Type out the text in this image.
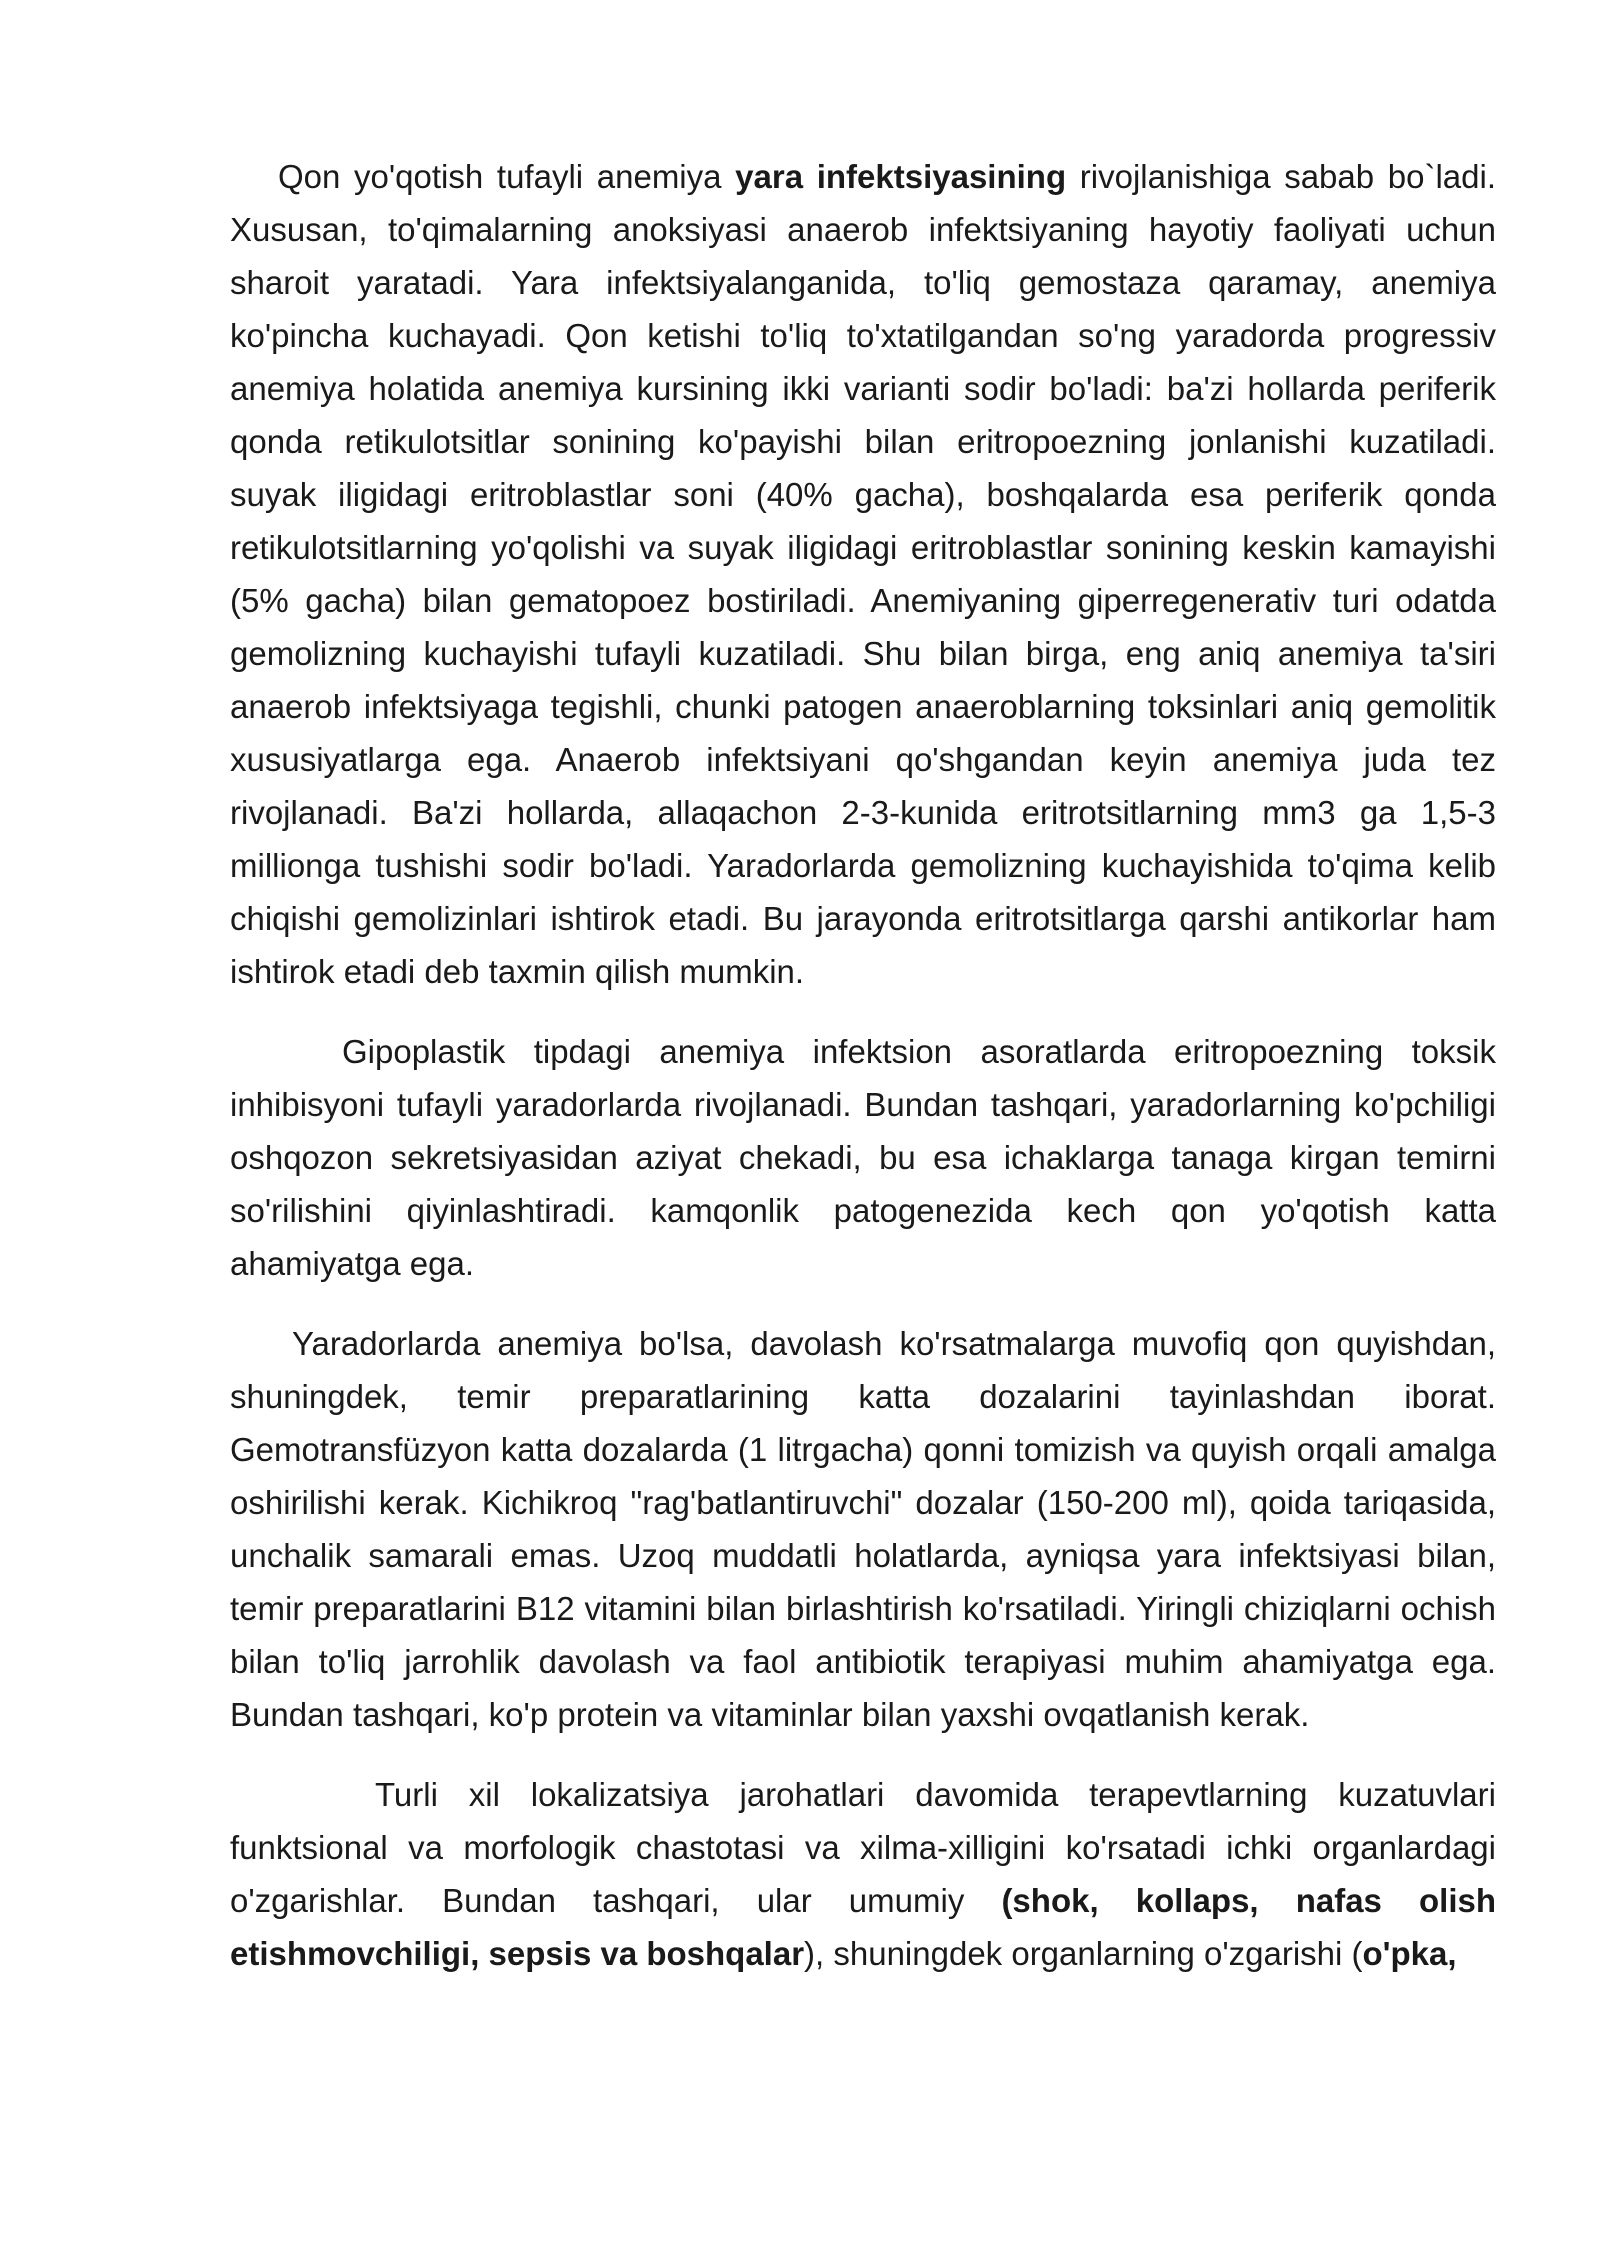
Qon yo'qotish tufayli anemiya yara infektsiyasining rivojlanishiga sabab bo`ladi. Xususan, to'qimalarning anoksiyasi anaerob infektsiyaning hayotiy faoliyati uchun sharoit yaratadi. Yara infektsiyalanganida, to'liq gemostaza qaramay, anemiya ko'pincha kuchayadi. Qon ketishi to'liq to'xtatilgandan so'ng yaradorda progressiv anemiya holatida anemiya kursining ikki varianti sodir bo'ladi: ba'zi hollarda periferik qonda retikulotsitlar sonining ko'payishi bilan eritropoezning jonlanishi kuzatiladi. suyak iligidagi eritroblastlar soni (40% gacha), boshqalarda esa periferik qonda retikulotsitlarning yo'qolishi va suyak iligidagi eritroblastlar sonining keskin kamayishi (5% gacha) bilan gematopoez bostiriladi. Anemiyaning giperregenerativ turi odatda gemolizning kuchayishi tufayli kuzatiladi. Shu bilan birga, eng aniq anemiya ta'siri anaerob infektsiyaga tegishli, chunki patogen anaeroblarning toksinlari aniq gemolitik xususiyatlarga ega. Anaerob infektsiyani qo'shgandan keyin anemiya juda tez rivojlanadi. Ba'zi hollarda, allaqachon 2-3-kunida eritrotsitlarning mm3 ga 1,5-3 millionga tushishi sodir bo'ladi. Yaradorlarda gemolizning kuchayishida to'qima kelib chiqishi gemolizinlari ishtirok etadi. Bu jarayonda eritrotsitlarga qarshi antikorlar ham ishtirok etadi deb taxmin qilish mumkin.

Gipoplastik tipdagi anemiya infektsion asoratlarda eritropoezning toksik inhibisyoni tufayli yaradorlarda rivojlanadi. Bundan tashqari, yaradorlarning ko'pchiligi oshqozon sekretsiyasidan aziyat chekadi, bu esa ichaklarga tanaga kirgan temirni so'rilishini qiyinlashtiradi. kamqonlik patogenezida kech qon yo'qotish katta ahamiyatga ega.

Yaradorlarda anemiya bo'lsa, davolash ko'rsatmalarga muvofiq qon quyishdan, shuningdek, temir preparatlarining katta dozalarini tayinlashdan iborat. Gemotransfüzyon katta dozalarda (1 litrgacha) qonni tomizish va quyish orqali amalga oshirilishi kerak. Kichikroq "rag'batlantiruvchi" dozalar (150-200 ml), qoida tariqasida, unchalik samarali emas. Uzoq muddatli holatlarda, ayniqsa yara infektsiyasi bilan, temir preparatlarini B12 vitamini bilan birlashtirish ko'rsatiladi. Yiringli chiziqlarni ochish bilan to'liq jarrohlik davolash va faol antibiotik terapiyasi muhim ahamiyatga ega. Bundan tashqari, ko'p protein va vitaminlar bilan yaxshi ovqatlanish kerak.

Turli xil lokalizatsiya jarohatlari davomida terapevtlarning kuzatuvlari funktsional va morfologik chastotasi va xilma-xilligini ko'rsatadi ichki organlardagi o'zgarishlar. Bundan tashqari, ular umumiy (shok, kollaps, nafas olish etishmovchiligi, sepsis va boshqalar), shuningdek organlarning o'zgarishi (o'pka,
